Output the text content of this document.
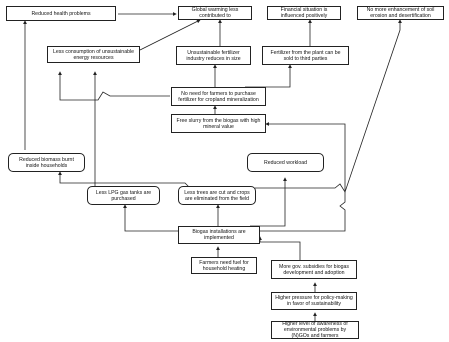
Reduced health problems
Global warming less contributed to
Financial situation is influenced positively
No more enhancement of soil erosion and desertification
Less consumption of unsustainable energy resources
Unsustainable fertilizer industry reduces in size
Fertilizer from the plant can be sold to third parties
No need for farmers to purchase fertilizer for cropland mineralization
Free slurry from the biogas with high mineral value
Reduced biomass burnt inside households	Reduced workload
Less LPG gas tanks are purchased
Less trees are cut and crops are eliminated from the field
Biogas installations are implemented
Farmers need fuel for household heating	More gov. subsidies for biogas development and adoption
Higher pressure for policy-making in favor of sustainability
Higher level of awareness of environmental problems by (N)GOs and farmers
